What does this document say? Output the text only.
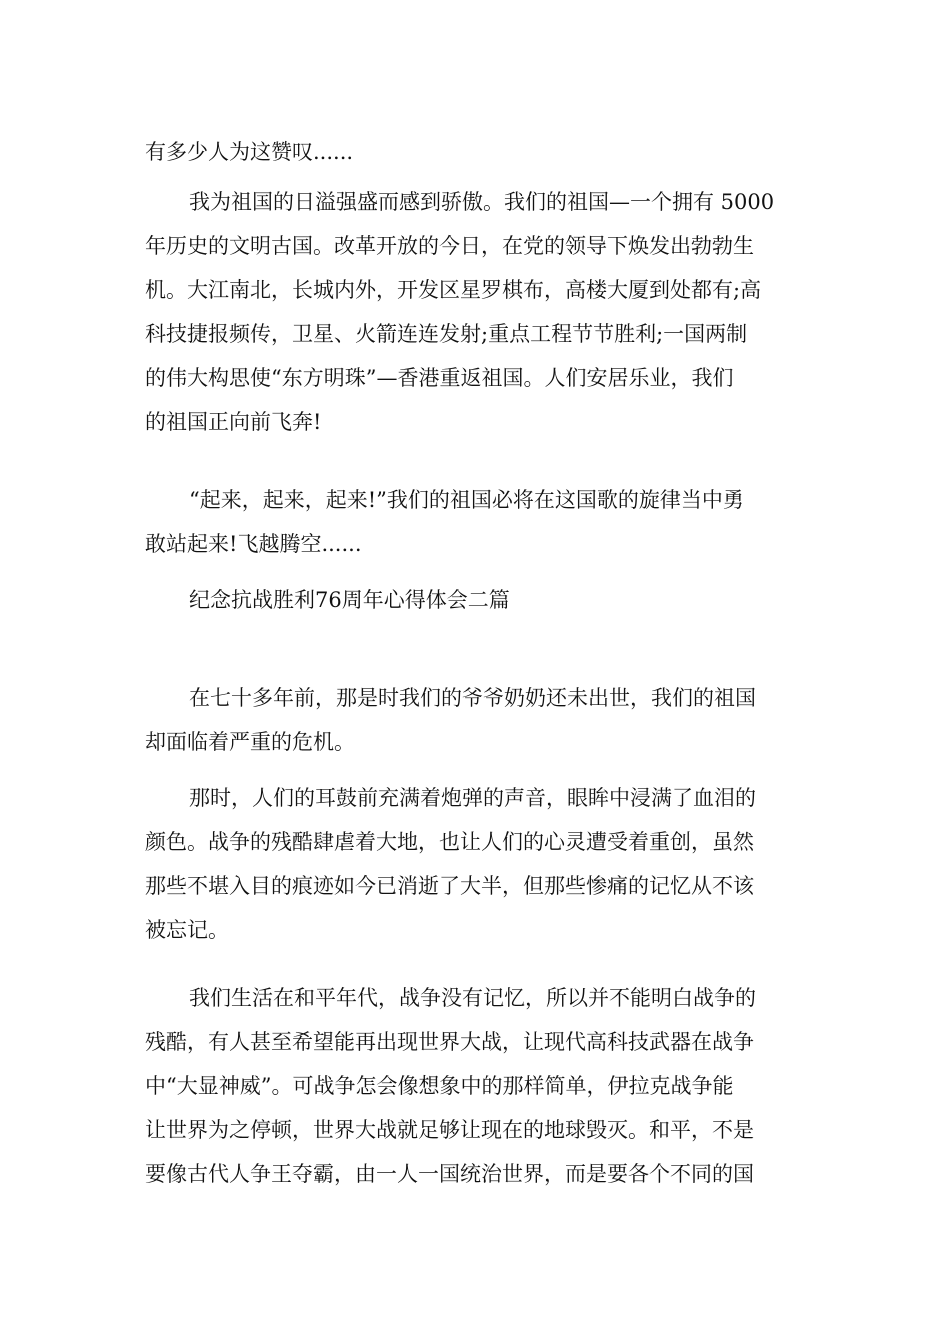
有多少人为这赞叹......

我为祖国的日溢强盛而感到骄傲。我们的祖国—一个拥有 5000
年历史的文明古国。改革开放的今日，在党的领导下焕发出勃勃生
机。大江南北，长城内外，开发区星罗棋布，高楼大厦到处都有;高
科技捷报频传，卫星、火箭连连发射;重点工程节节胜利;一国两制
的伟大构思使“东方明珠”—香港重返祖国。人们安居乐业，我们
的祖国正向前飞奔!

“起来，起来，起来!”我们的祖国必将在这国歌的旋律当中勇
敢站起来!飞越腾空......

纪念抗战胜利76周年心得体会二篇

在七十多年前，那是时我们的爷爷奶奶还未出世，我们的祖国
却面临着严重的危机。

那时，人们的耳鼓前充满着炮弹的声音，眼眸中浸满了血泪的
颜色。战争的残酷肆虐着大地，也让人们的心灵遭受着重创，虽然
那些不堪入目的痕迹如今已消逝了大半，但那些惨痛的记忆从不该
被忘记。

我们生活在和平年代，战争没有记忆，所以并不能明白战争的
残酷，有人甚至希望能再出现世界大战，让现代高科技武器在战争
中“大显神威”。可战争怎会像想象中的那样简单，伊拉克战争能
让世界为之停顿，世界大战就足够让现在的地球毁灭。和平，不是
要像古代人争王夺霸，由一人一国统治世界，而是要各个不同的国
